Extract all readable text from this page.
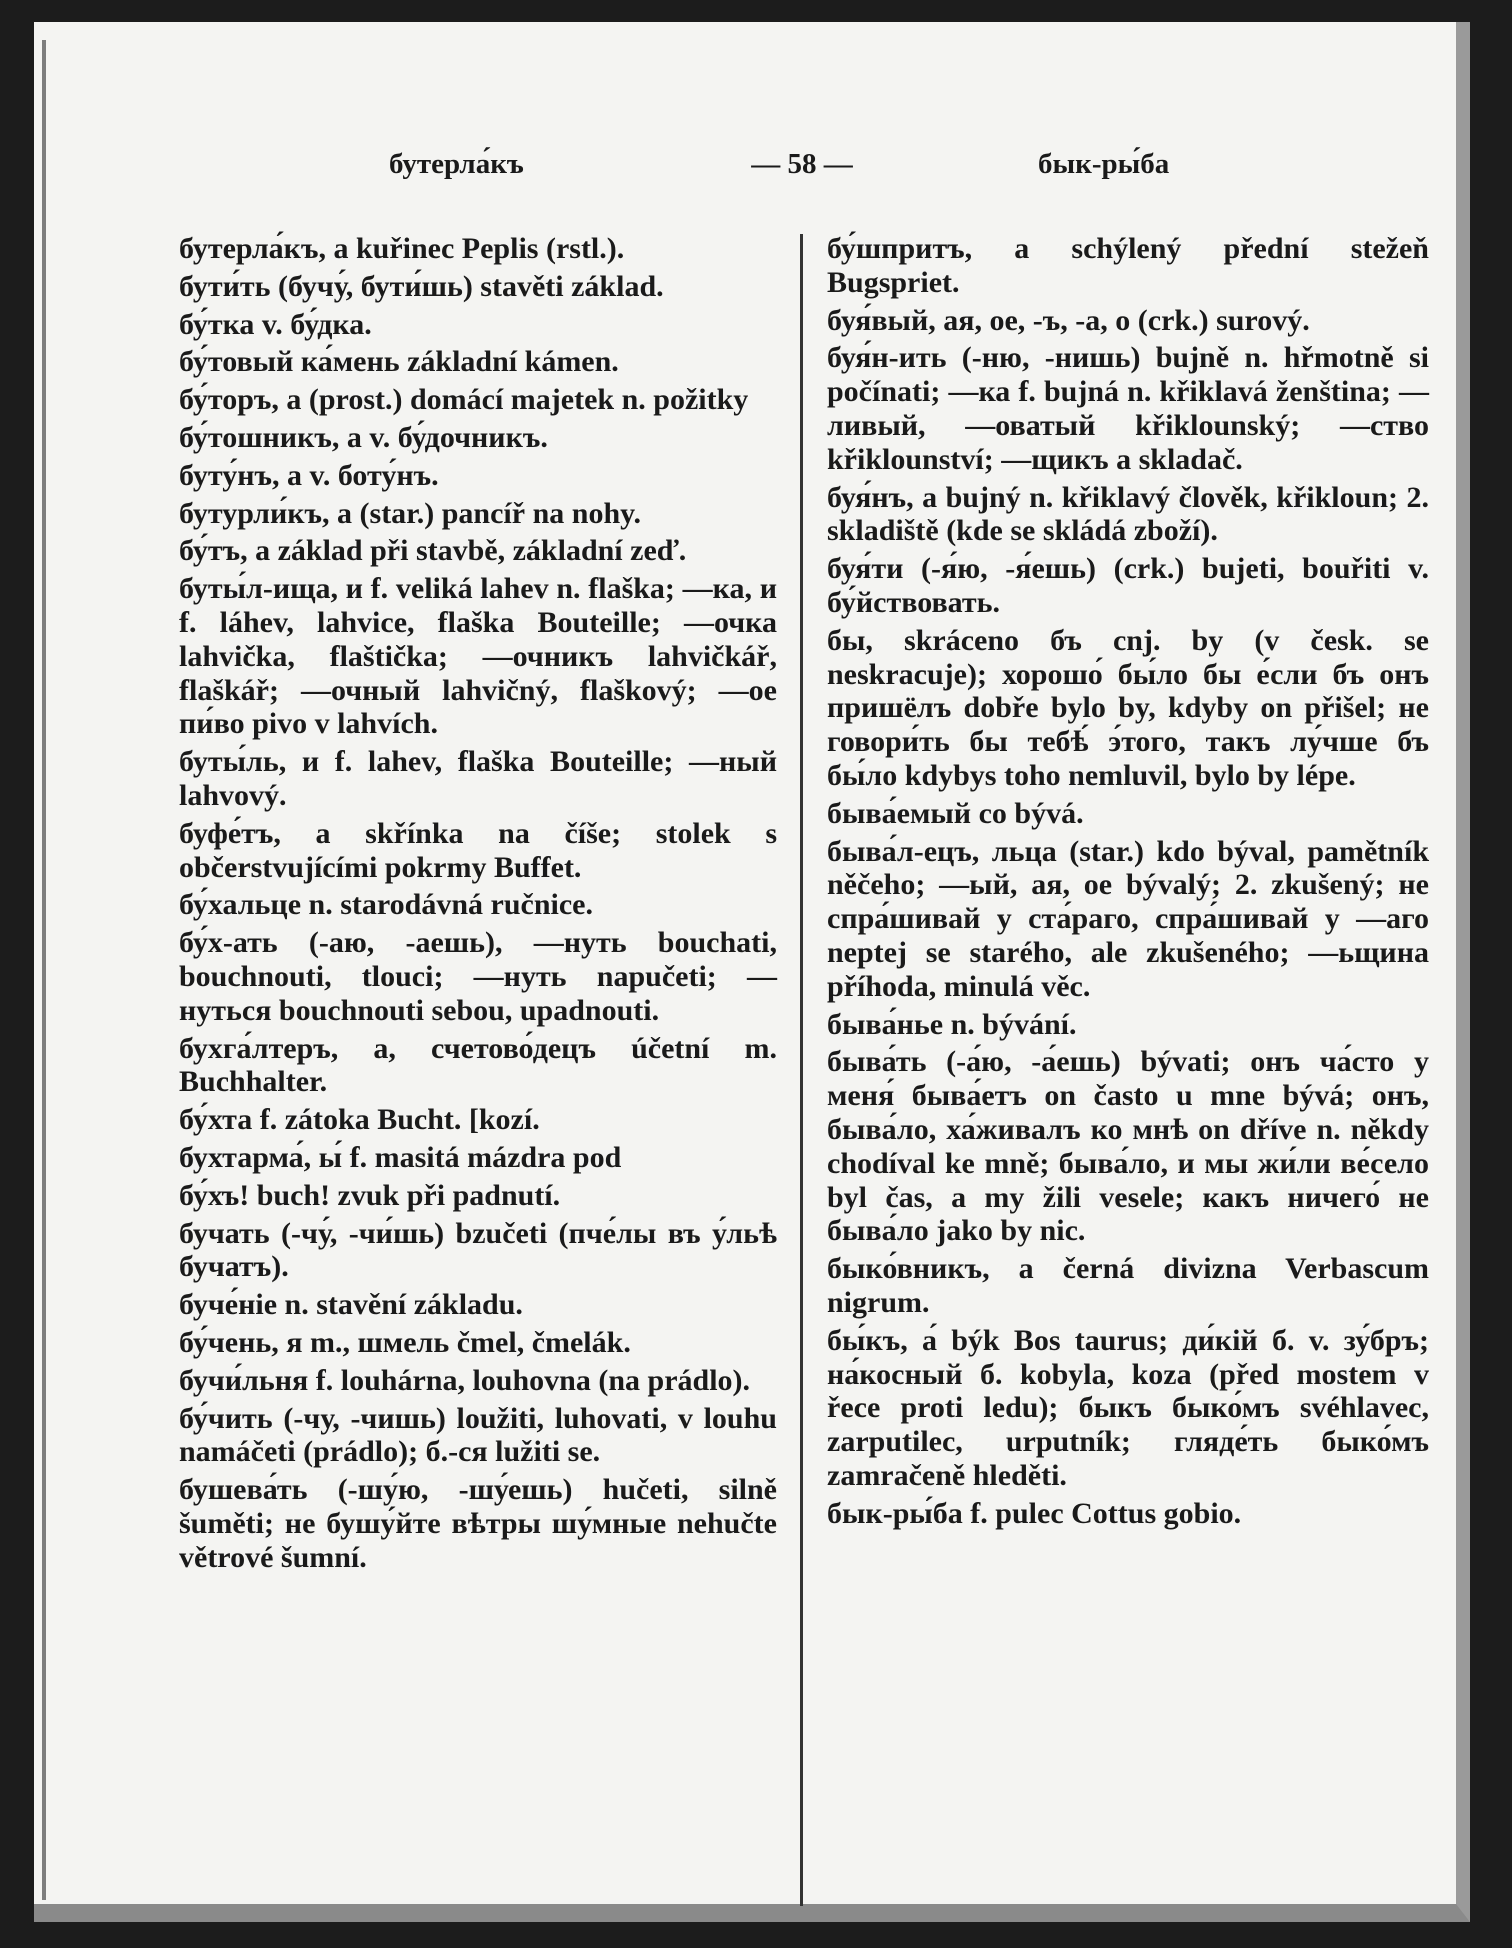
бутерла́къ	— 58 —	бык-ры́ба

бутерла́къ, а kuřinec Peplis (rstl.).

бути́ть (бучу́, бути́шь) stavěti základ.

бу́тка v. бу́дка.

бу́товый ка́мень základní kámen.

бу́торъ, а (prost.) domácí majetek n. požitky

бу́тошникъ, а v. бу́дочникъ.

буту́нъ, а v. боту́нъ.

бутурли́къ, а (star.) pancíř na nohy.

бу́тъ, а základ při stavbě, základní zeď.

буты́л-ища, и f. veliká lahev n. flaška; —ка, и f. láhev, lahvice, flaška Bouteille; —очка lahvička, flaštička; —очникъ lahvičkář, flaškář; —очный lahvičný, flaškový; —ое пи́во pivo v lahvích.

буты́ль, и f. lahev, flaška Bouteille; —ный lahvový.

буфе́тъ, а skřínka na číše; stolek s občerstvujícími pokrmy Buffet.

бу́хальце n. starodávná ručnice.

бу́х-ать (-аю, -аешь), —нуть bouchati, bouchnouti, tlouci; —нуть napučeti; —нуться bouchnouti sebou, upadnouti.

бухга́лтеръ, а, счетово́децъ účetní m. Buchhalter.

бу́хта f. zátoka Bucht. [kozí.

бухтарма́, ы́ f. masitá mázdra pod

бу́хъ! buch! zvuk při padnutí.

бучать (-чу́, -чи́шь) bzučeti (пче́лы въ у́льѣ бучатъ).

буче́ніе n. stavění základu.

бу́чень, я m., шмель čmel, čmelák.

бучи́льня f. louhárna, louhovna (na prádlo).

бу́чить (-чу, -чишь) loužiti, luhovati, v louhu namáčeti (prádlo); б.-ся lužiti se.

бушева́ть (-шу́ю, -шу́ешь) hučeti, silně šuměti; не бушу́йте вѣтры шу́мные nehučte větrové šumní.

бу́шпритъ, а schýlený přední stežeň Bugspriet.

буя́вый, ая, ое, -ъ, -а, о (crk.) surový.

буя́н-ить (-ню, -нишь) bujně n. hřmotně si počínati; —ка f. bujná n. křiklavá ženština; —ливый, —оватый křiklounský; —ство křiklounství; —щикъ a skladač.

буя́нъ, а bujný n. křiklavý člověk, křikloun; 2. skladiště (kde se skládá zboží).

буя́ти (-я́ю, -я́ешь) (crk.) bujeti, bouřiti v. бу́йствовать.

бы, skráceno бъ cnj. by (v česk. se neskracuje); хорошо́ бы́ло бы е́сли бъ онъ пришёлъ dobře bylo by, kdyby on přišel; не говори́ть бы тебѣ́ э́того, такъ лу́чше бъ бы́ло kdybys toho nemluvil, bylo by lépe.

быва́емый со bývá.

быва́л-ецъ, льца (star.) kdo býval, pamětník něčeho; —ый, ая, ое bývalý; 2. zkušený; не спра́шивай у ста́раго, спра́шивай у —аго neptej se starého, ale zkušeného; —ьщина příhoda, minulá věc.

быва́нье n. bývání.

быва́ть (-а́ю, -а́ешь) bývati; онъ ча́сто у меня́ быва́етъ on často u mne bývá; онъ, быва́ло, ха́живалъ ко мнѣ on dříve n. někdy chodíval ke mně; быва́ло, и мы жи́ли ве́село byl čas, a my žili vesele; какъ ничего́ не быва́ло jako by nic.

быко́вникъ, а černá divizna Verbascum nigrum.

бы́къ, а́ býk Bos taurus; ди́кій б. v. зу́бръ; на́косный б. kobyla, koza (před mostem v řece proti ledu); быкъ быко́мъ svéhlavec, zarputilec, urputník; гляде́ть быко́мъ zamračeně hleděti.

бык-ры́ба f. pulec Cottus gobio.
